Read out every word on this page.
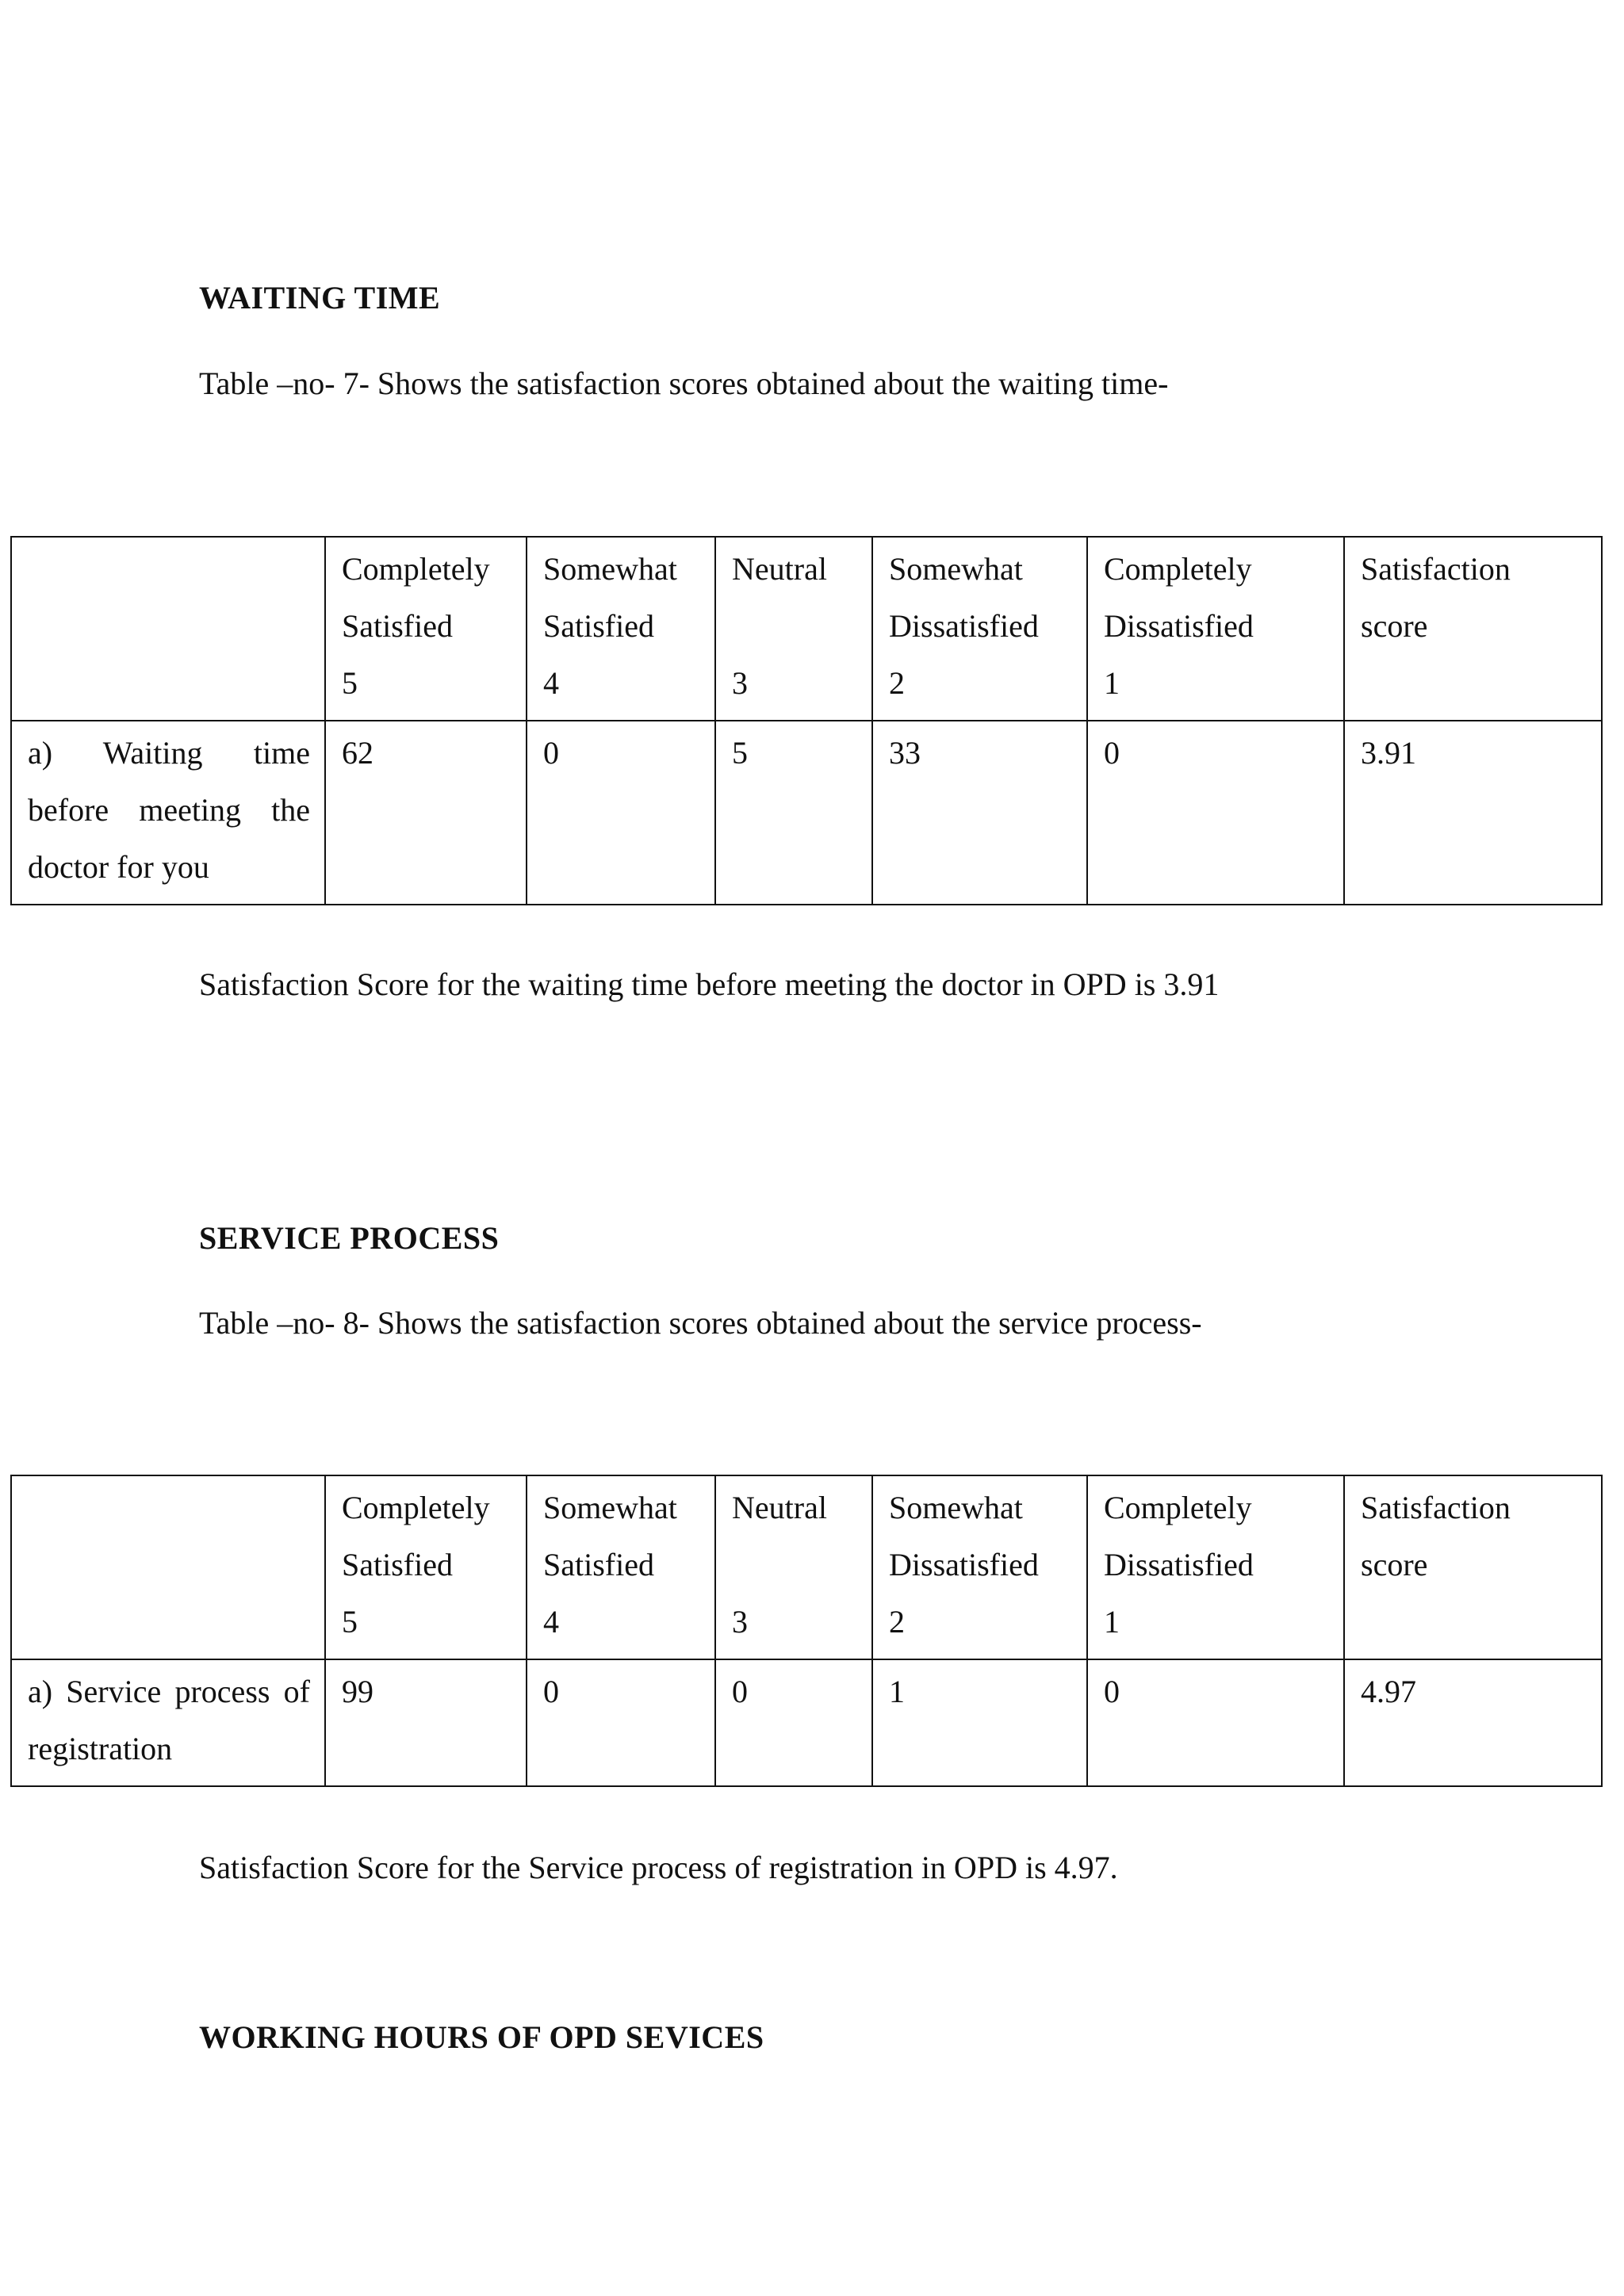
WAITING TIME
Table –no- 7- Shows the satisfaction scores obtained about the waiting time-

	Completely
Satisfied
5	Somewhat
Satisfied
4	Neutral
3	Somewhat
Dissatisfied
2	Completely
Dissatisfied
1	Satisfaction
score

a) Waiting time before meeting the doctor for you	62	0	5	33	0	3.91
Satisfaction Score for the waiting time before meeting the doctor in OPD is 3.91
SERVICE PROCESS
Table –no- 8- Shows the satisfaction scores obtained about the service process-

	Completely
Satisfied
5	Somewhat
Satisfied
4	Neutral
3	Somewhat
Dissatisfied
2	Completely
Dissatisfied
1	Satisfaction
score

a) Service process of registration	99	0	0	1	0	4.97
Satisfaction Score for the Service process of registration in OPD is 4.97.
WORKING HOURS OF OPD SEVICES
